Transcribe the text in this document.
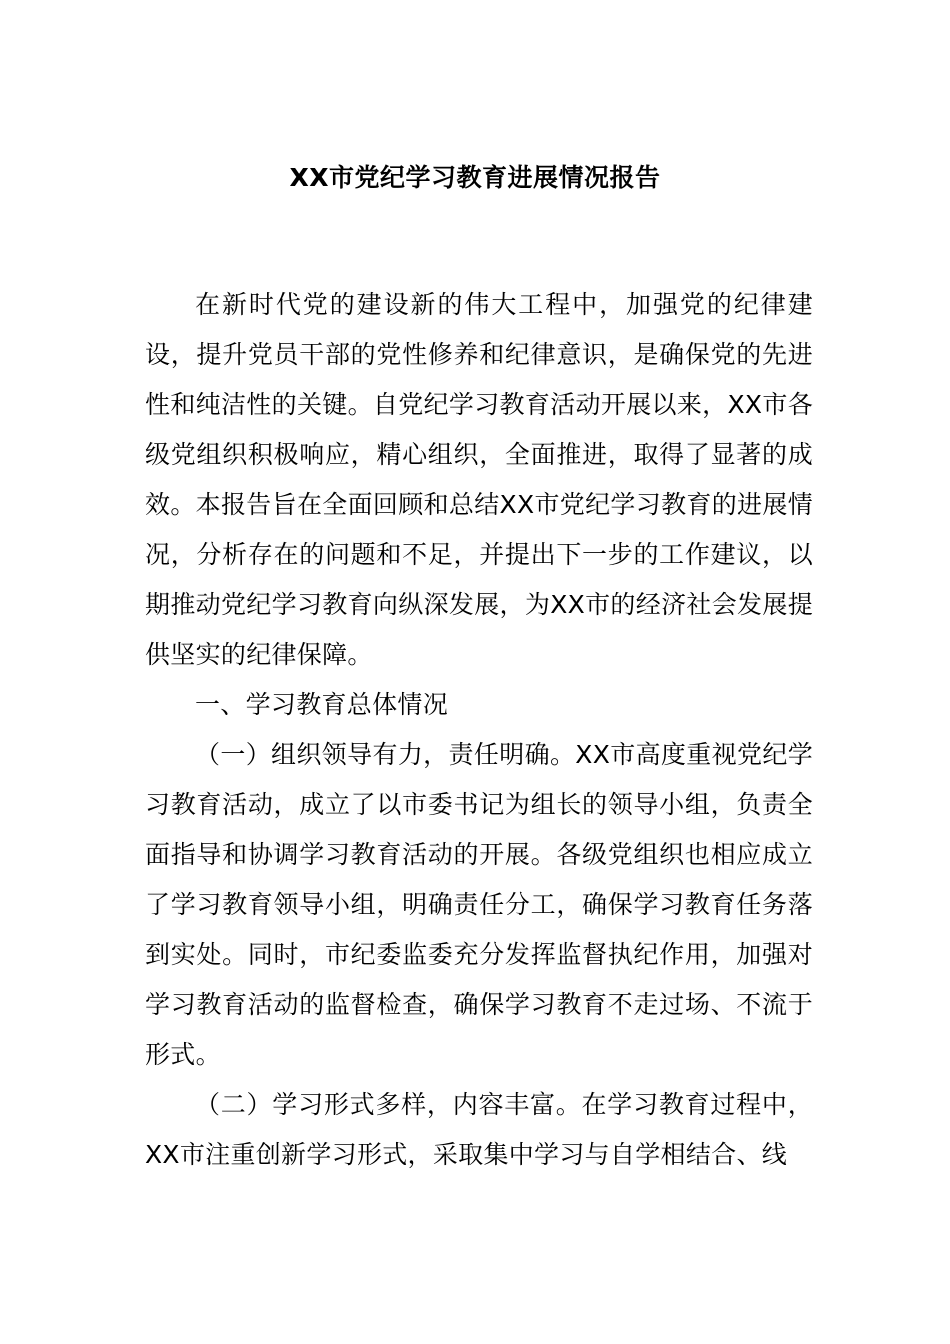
XX市党纪学习教育进展情况报告

在新时代党的建设新的伟大工程中，加强党的纪律建设，提升党员干部的党性修养和纪律意识，是确保党的先进性和纯洁性的关键。自党纪学习教育活动开展以来，XX市各级党组织积极响应，精心组织，全面推进，取得了显著的成效。本报告旨在全面回顾和总结XX市党纪学习教育的进展情况，分析存在的问题和不足，并提出下一步的工作建议，以期推动党纪学习教育向纵深发展，为XX市的经济社会发展提供坚实的纪律保障。

一、学习教育总体情况

（一）组织领导有力，责任明确。XX市高度重视党纪学习教育活动，成立了以市委书记为组长的领导小组，负责全面指导和协调学习教育活动的开展。各级党组织也相应成立了学习教育领导小组，明确责任分工，确保学习教育任务落到实处。同时，市纪委监委充分发挥监督执纪作用，加强对学习教育活动的监督检查，确保学习教育不走过场、不流于形式。

（二）学习形式多样，内容丰富。在学习教育过程中，XX市注重创新学习形式，采取集中学习与自学相结合、线
